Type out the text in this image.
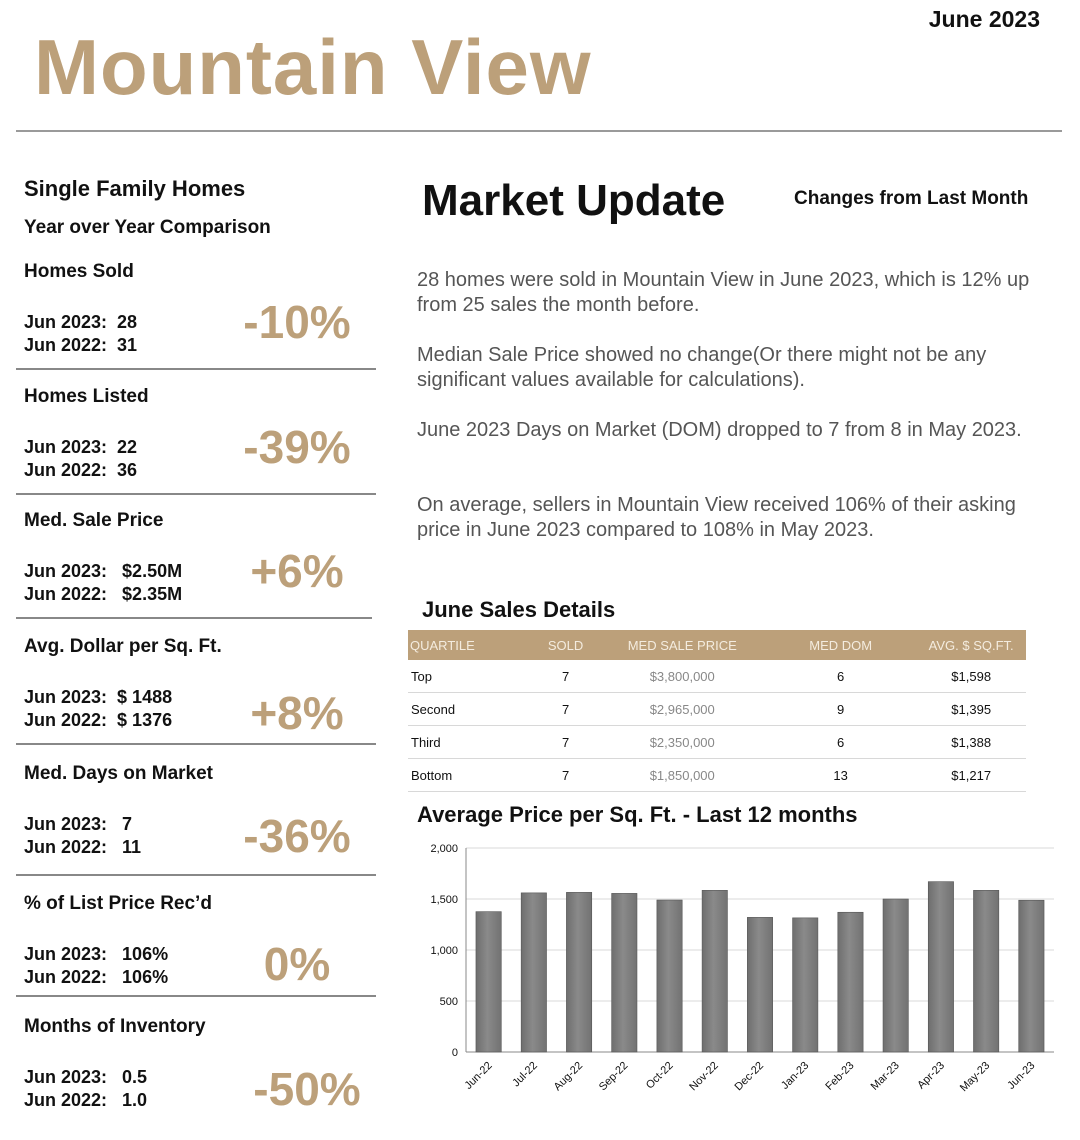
June 2023
Mountain View
Single Family Homes
Year over Year Comparison
Homes Sold
Jun 2023:  28
Jun 2022:  31	-10%
Homes Listed
Jun 2023:  22
Jun 2022:  36	-39%
Med. Sale Price
Jun 2023:   $2.50M
Jun 2022:   $2.35M	+6%
Avg. Dollar per Sq. Ft.
Jun 2023:  $ 1488
Jun 2022:  $ 1376	+8%
Med. Days on Market
Jun 2023:   7
Jun 2022:   11	-36%
% of List Price Rec’d
Jun 2023:   106%
Jun 2022:   106%	0%
Months of Inventory
Jun 2023:   0.5
Jun 2022:   1.0	-50%
Market Update	Changes from Last Month
28 homes were sold in Mountain View in June 2023, which is 12% up from 25 sales the month before.
Median Sale Price showed no change(Or there might not be any significant values available for calculations).
June 2023 Days on Market (DOM) dropped to 7 from 8 in May 2023.
On average, sellers in Mountain View received 106% of their asking price in June 2023 compared to 108% in May 2023.
June Sales Details
QUARTILE	SOLD	MED SALE PRICE	MED DOM	AVG. $ SQ.FT.
Top	7	$3,800,000	6	$1,598
Second	7	$2,965,000	9	$1,395
Third	7	$2,350,000	6	$1,388
Bottom	7	$1,850,000	13	$1,217
Average Price per Sq. Ft. - Last 12 months
0
500
1,000
1,500
2,000
Jun-22 Jul-22 Aug-22 Sep-22 Oct-22 Nov-22 Dec-22 Jan-23 Feb-23 Mar-23 Apr-23 May-23 Jun-23
